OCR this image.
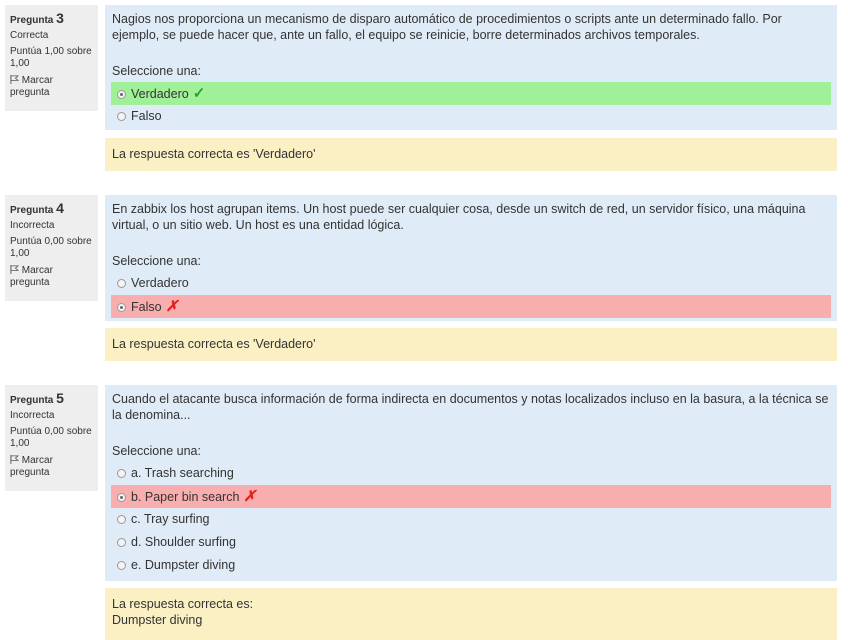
Pregunta 3
Correcta
Puntúa 1,00 sobre 1,00
Marcar pregunta
Nagios nos proporciona un mecanismo de disparo automático de procedimientos o scripts ante un determinado fallo. Por ejemplo, se puede hacer que, ante un fallo, el equipo se reinicie, borre determinados archivos temporales.
Seleccione una:
Verdadero ✓
Falso
La respuesta correcta es 'Verdadero'
Pregunta 4
Incorrecta
Puntúa 0,00 sobre 1,00
Marcar pregunta
En zabbix los host agrupan items. Un host puede ser cualquier cosa, desde un switch de red, un servidor físico, una máquina virtual, o un sitio web. Un host es una entidad lógica.
Seleccione una:
Verdadero
Falso ✗
La respuesta correcta es 'Verdadero'
Pregunta 5
Incorrecta
Puntúa 0,00 sobre 1,00
Marcar pregunta
Cuando el atacante busca información de forma indirecta en documentos y notas localizados incluso en la basura, a la técnica se la denomina...
Seleccione una:
a. Trash searching
b. Paper bin search ✗
c. Tray surfing
d. Shoulder surfing
e. Dumpster diving
La respuesta correcta es:
Dumpster diving
